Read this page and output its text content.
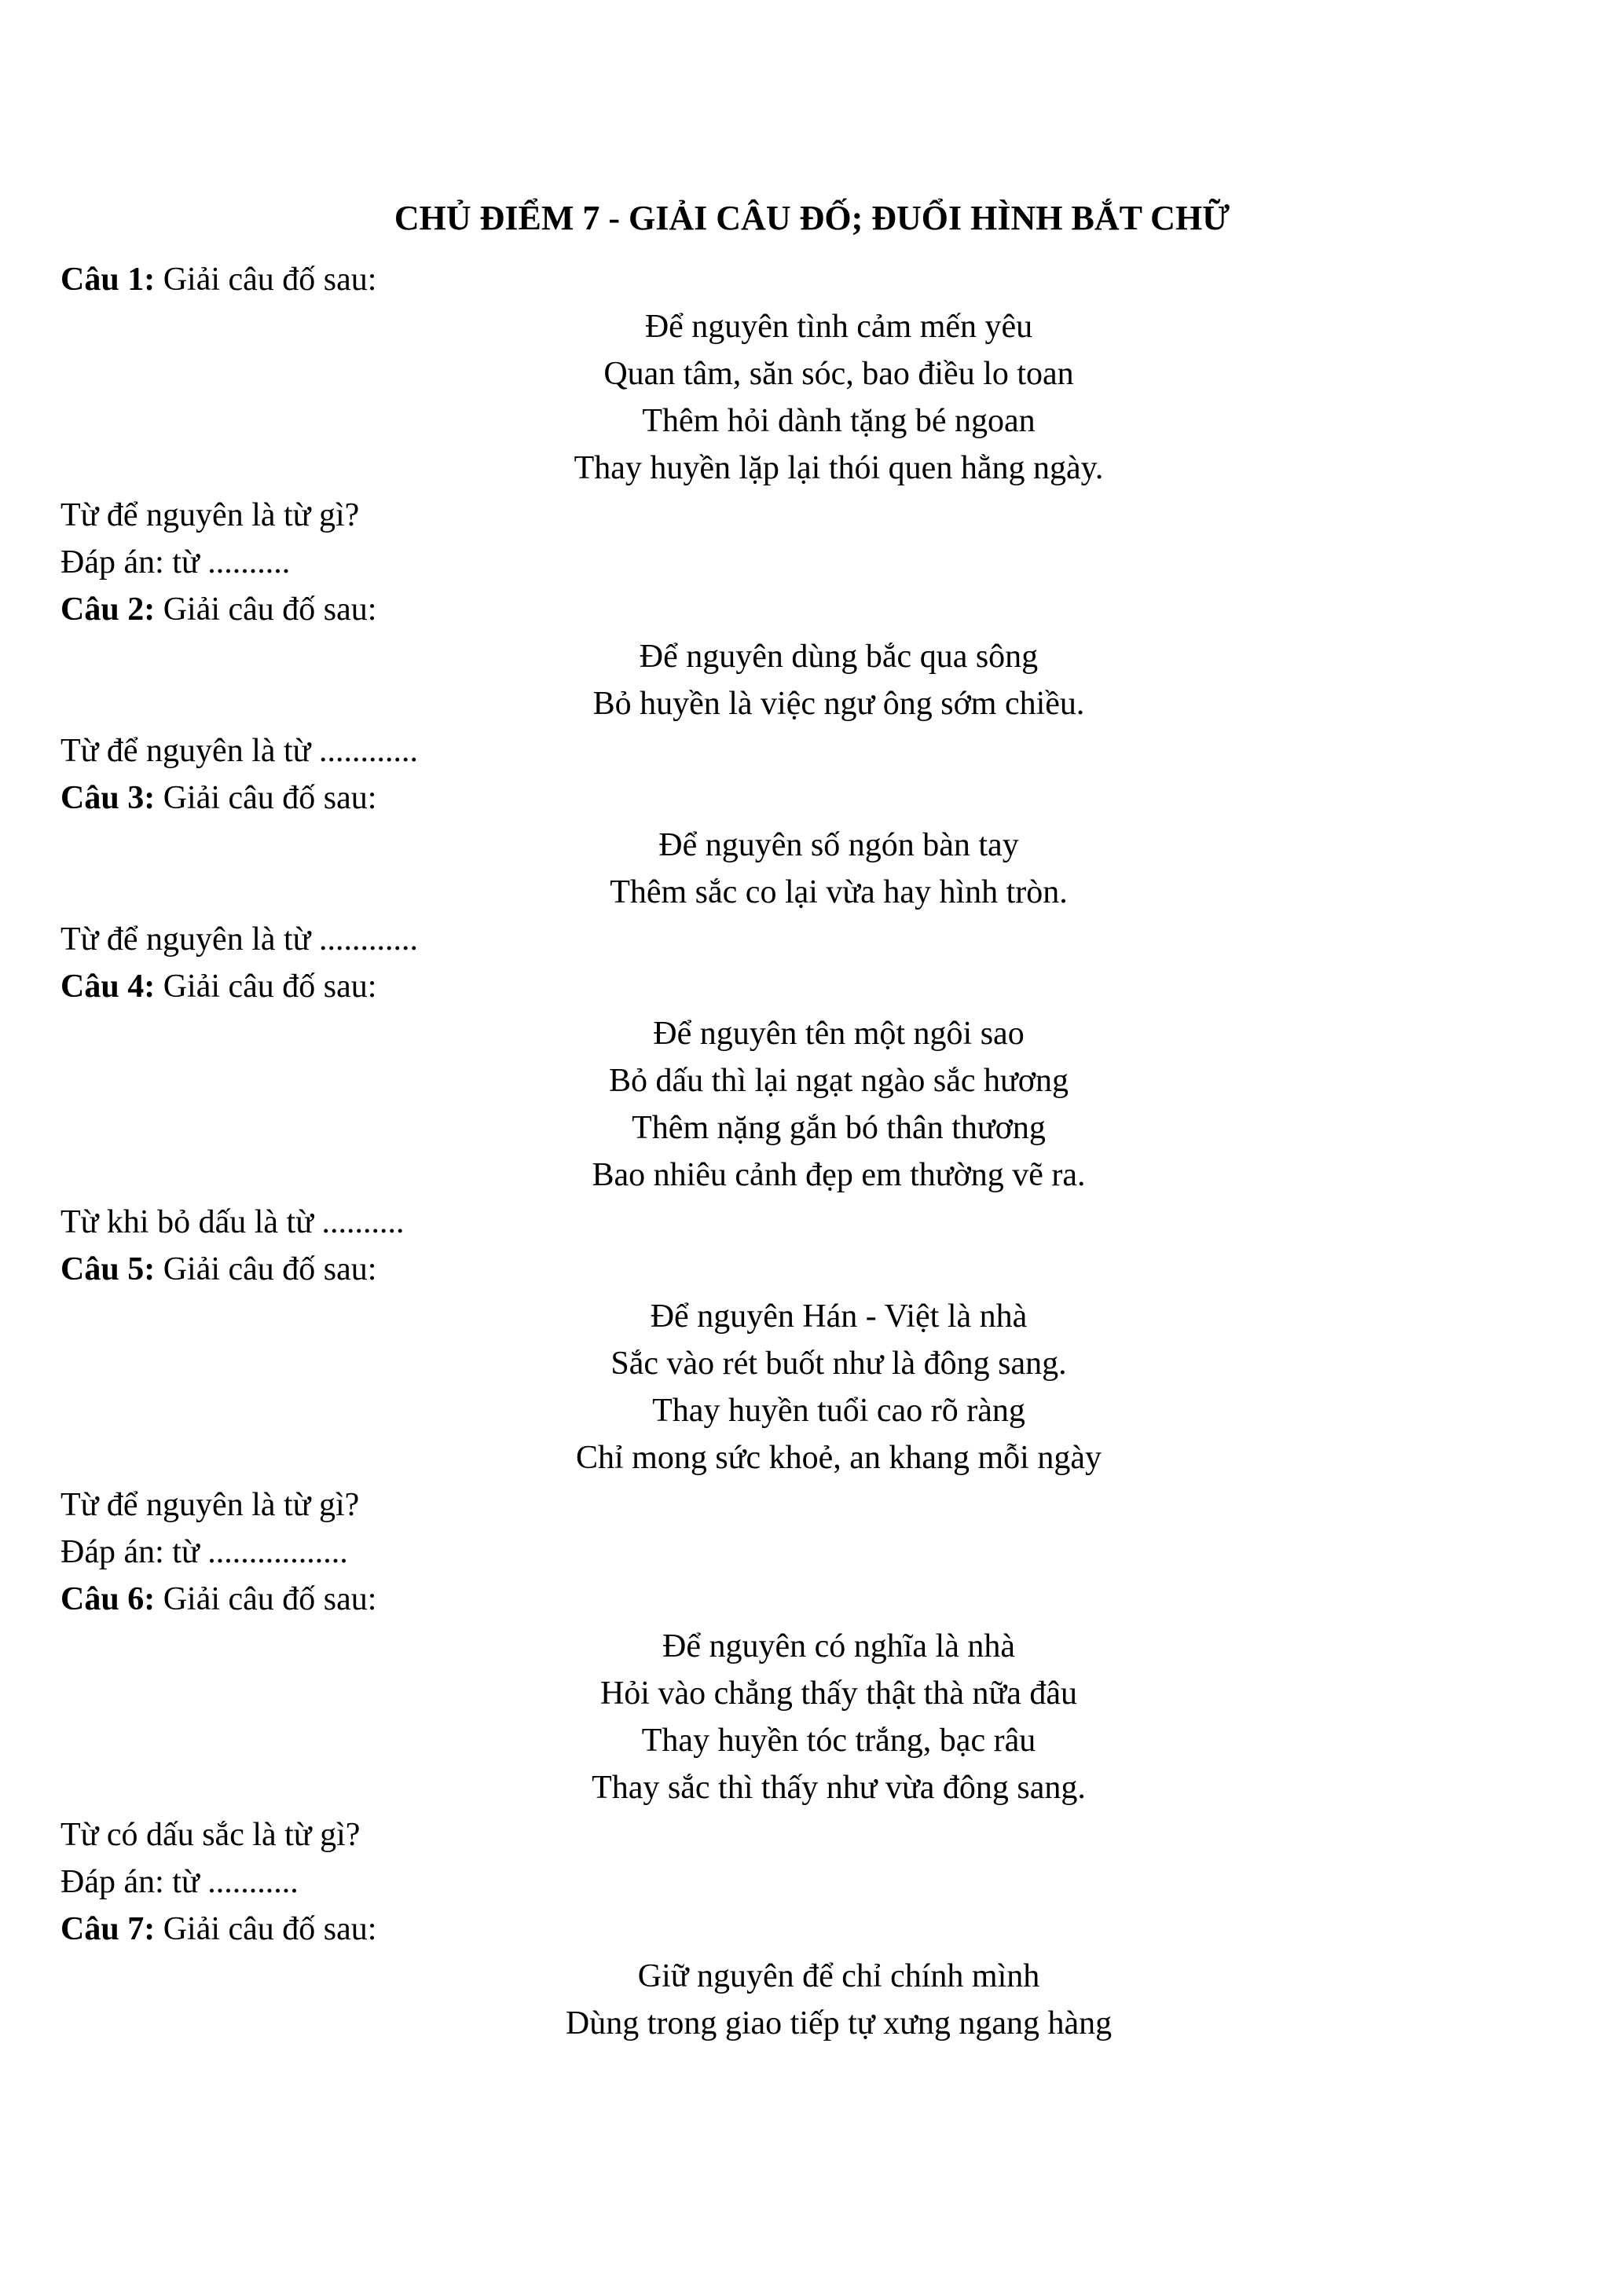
CHỦ ĐIỂM 7 - GIẢI CÂU ĐỐ; ĐUỔI HÌNH BẮT CHỮ
Câu 1: Giải câu đố sau:
Để nguyên tình cảm mến yêu
Quan tâm, săn sóc, bao điều lo toan
Thêm hỏi dành tặng bé ngoan
Thay huyền lặp lại thói quen hằng ngày.
Từ để nguyên là từ gì?
Đáp án: từ ..........
Câu 2: Giải câu đố sau:
Để nguyên dùng bắc qua sông
Bỏ huyền là việc ngư ông sớm chiều.
Từ để nguyên là từ ............
Câu 3: Giải câu đố sau:
Để nguyên số ngón bàn tay
Thêm sắc co lại vừa hay hình tròn.
Từ để nguyên là từ ............
Câu 4: Giải câu đố sau:
Để nguyên tên một ngôi sao
Bỏ dấu thì lại ngạt ngào sắc hương
Thêm nặng gắn bó thân thương
Bao nhiêu cảnh đẹp em thường vẽ ra.
Từ khi bỏ dấu là từ ..........
Câu 5: Giải câu đố sau:
Để nguyên Hán - Việt là nhà
Sắc vào rét buốt như là đông sang.
Thay huyền tuổi cao rõ ràng
Chỉ mong sức khoẻ, an khang mỗi ngày
Từ để nguyên là từ gì?
Đáp án: từ .................
Câu 6: Giải câu đố sau:
Để nguyên có nghĩa là nhà
Hỏi vào chẳng thấy thật thà nữa đâu
Thay huyền tóc trắng, bạc râu
Thay sắc thì thấy như vừa đông sang.
Từ có dấu sắc là từ gì?
Đáp án: từ ...........
Câu 7: Giải câu đố sau:
Giữ nguyên để chỉ chính mình
Dùng trong giao tiếp tự xưng ngang hàng
